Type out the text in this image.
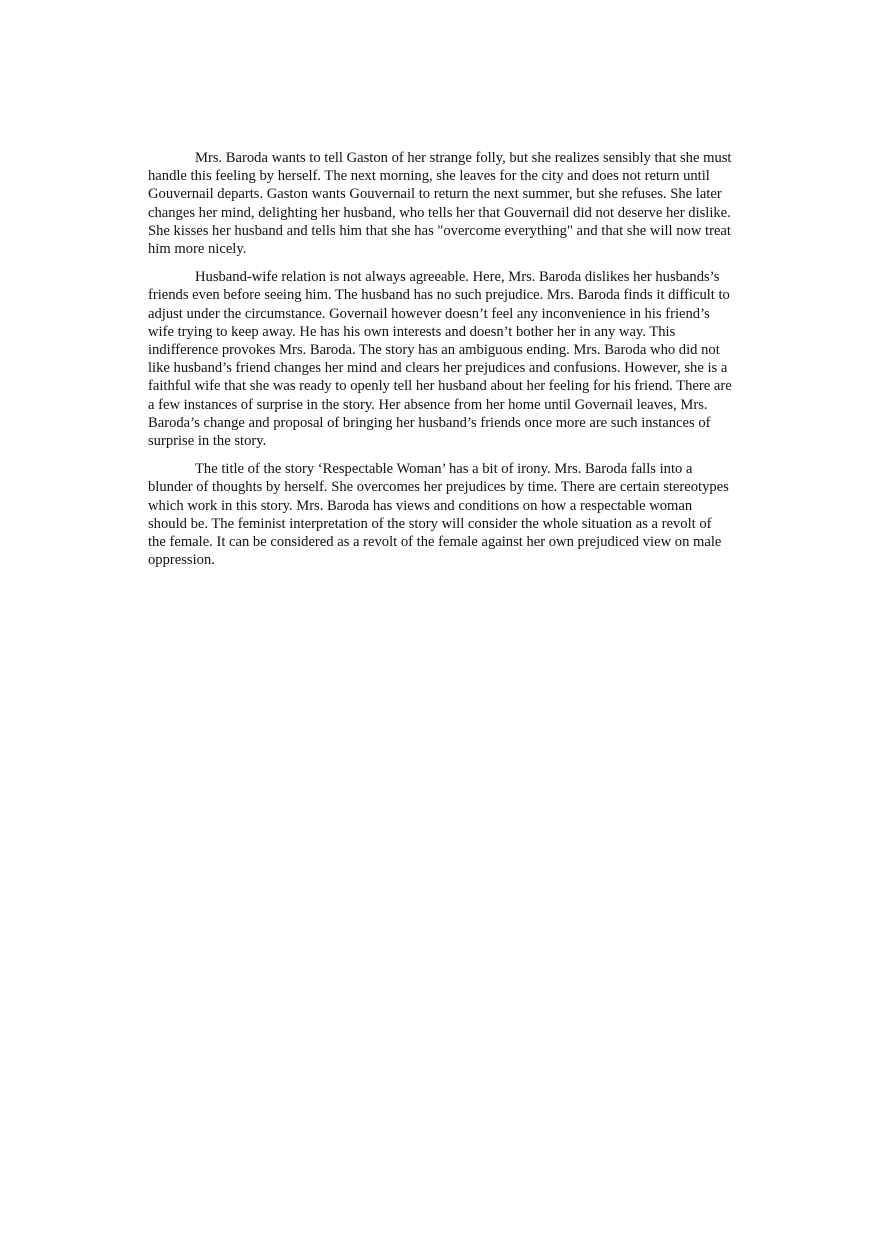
Mrs. Baroda wants to tell Gaston of her strange folly, but she realizes sensibly that she must handle this feeling by herself. The next morning, she leaves for the city and does not return until Gouvernail departs. Gaston wants Gouvernail to return the next summer, but she refuses. She later changes her mind, delighting her husband, who tells her that Gouvernail did not deserve her dislike. She kisses her husband and tells him that she has "overcome everything" and that she will now treat him more nicely.

Husband-wife relation is not always agreeable. Here, Mrs. Baroda dislikes her husbands’s friends even before seeing him. The husband has no such prejudice. Mrs. Baroda finds it difficult to adjust under the circumstance. Governail however doesn’t feel any inconvenience in his friend’s wife trying to keep away. He has his own interests and doesn’t bother her in any way. This indifference provokes Mrs. Baroda. The story has an ambiguous ending. Mrs. Baroda who did not like husband’s friend changes her mind and clears her prejudices and confusions. However, she is a faithful wife that she was ready to openly tell her husband about her feeling for his friend. There are a few instances of surprise in the story. Her absence from her home until Governail leaves, Mrs. Baroda’s change and proposal of bringing her husband’s friends once more are such instances of surprise in the story.

The title of the story ‘Respectable Woman’ has a bit of irony. Mrs. Baroda falls into a blunder of thoughts by herself. She overcomes her prejudices by time. There are certain stereotypes which work in this story. Mrs. Baroda has views and conditions on how a respectable woman should be. The feminist interpretation of the story will consider the whole situation as a revolt of the female. It can be considered as a revolt of the female against her own prejudiced view on male oppression.
